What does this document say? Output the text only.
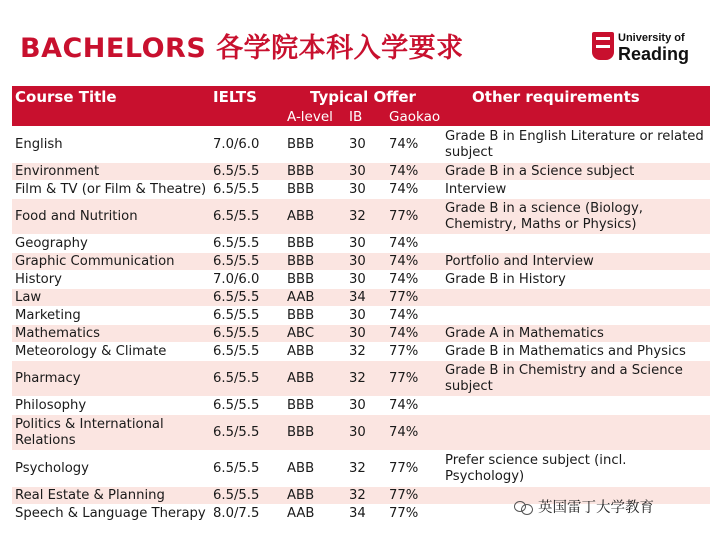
BACHELORS 各学院本科入学要求	University of
Reading
Course Title	IELTS	Typical Offer			Other requirements
		A-level	IB	Gaokao	
English	7.0/6.0	BBB	30	74%	Grade B in English Literature or related subject
Environment	6.5/5.5	BBB	30	74%	Grade B in a Science subject
Film & TV (or Film & Theatre)	6.5/5.5	BBB	30	74%	Interview
Food and Nutrition	6.5/5.5	ABB	32	77%	Grade B in a science (Biology, Chemistry, Maths or Physics)
Geography	6.5/5.5	BBB	30	74%	
Graphic Communication	6.5/5.5	BBB	30	74%	Portfolio and Interview
History	7.0/6.0	BBB	30	74%	Grade B in History
Law	6.5/5.5	AAB	34	77%	
Marketing	6.5/5.5	BBB	30	74%	
Mathematics	6.5/5.5	ABC	30	74%	Grade A in Mathematics
Meteorology & Climate	6.5/5.5	ABB	32	77%	Grade B in Mathematics and Physics
Pharmacy	6.5/5.5	ABB	32	77%	Grade B in Chemistry and a Science subject
Philosophy	6.5/5.5	BBB	30	74%	
Politics & International Relations	6.5/5.5	BBB	30	74%	
Psychology	6.5/5.5	ABB	32	77%	Prefer science subject (incl. Psychology)
Real Estate & Planning	6.5/5.5	ABB	32	77%	
Speech & Language Therapy	8.0/7.5	AAB	34	77%		英国雷丁大学教育
